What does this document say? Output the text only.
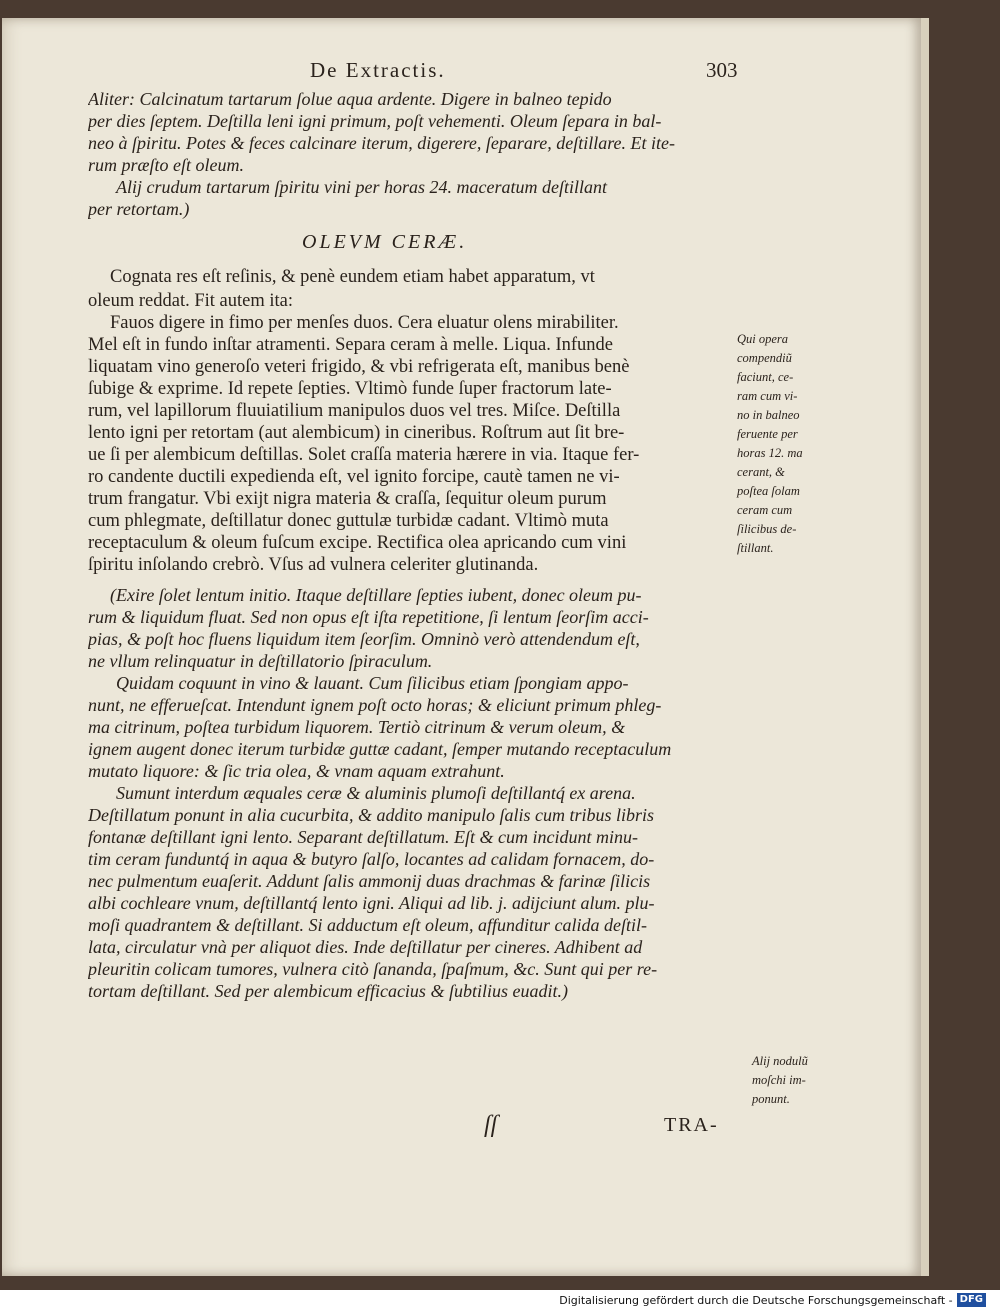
De Extractis.	303
Aliter: Calcinatum tartarum ſolue aqua ardente. Digere in balneo tepido
per dies ſeptem. Deſtilla leni igni primum, poſt vehementi. Oleum ſepara in bal-
neo à ſpiritu. Potes & feces calcinare iterum, digerere, ſeparare, deſtillare. Et ite-
rum præſto eſt oleum.
Alij crudum tartarum ſpiritu vini per horas 24. maceratum deſtillant
per retortam.)
OLEVM CERÆ.
Cognata res eſt reſinis, & penè eundem etiam habet apparatum, vt
oleum reddat. Fit autem ita:
Fauos digere in fimo per menſes duos. Cera eluatur olens mirabiliter.
Mel eſt in fundo inſtar atramenti. Separa ceram à melle. Liqua. Infunde
liquatam vino generoſo veteri frigido, & vbi refrigerata eſt, manibus benè
ſubige & exprime. Id repete ſepties. Vltimò funde ſuper fractorum late-
rum, vel lapillorum fluuiatilium manipulos duos vel tres. Miſce. Deſtilla
lento igni per retortam (aut alembicum) in cineribus. Roſtrum aut ſit bre-
ue ſi per alembicum deſtillas. Solet craſſa materia hærere in via. Itaque fer-
ro candente ductili expedienda eſt, vel ignito forcipe, cautè tamen ne vi-
trum frangatur. Vbi exijt nigra materia & craſſa, ſequitur oleum purum
cum phlegmate, deſtillatur donec guttulæ turbidæ cadant. Vltimò muta
receptaculum & oleum fuſcum excipe. Rectifica olea apricando cum vini
ſpiritu inſolando crebrò. Vſus ad vulnera celeriter glutinanda.
(Exire ſolet lentum initio. Itaque deſtillare ſepties iubent, donec oleum pu-
rum & liquidum fluat. Sed non opus eſt iſta repetitione, ſi lentum ſeorſim acci-
pias, & poſt hoc fluens liquidum item ſeorſim. Omninò verò attendendum eſt,
ne vllum relinquatur in deſtillatorio ſpiraculum.
Quidam coquunt in vino & lauant. Cum ſilicibus etiam ſpongiam appo-
nunt, ne efferueſcat. Intendunt ignem poſt octo horas; & eliciunt primum phleg-
ma citrinum, poſtea turbidum liquorem. Tertiò citrinum & verum oleum, &
ignem augent donec iterum turbidæ guttæ cadant, ſemper mutando receptaculum
mutato liquore: & ſic tria olea, & vnam aquam extrahunt.
Sumunt interdum æquales ceræ & aluminis plumoſi deſtillantq́ ex arena.
Deſtillatum ponunt in alia cucurbita, & addito manipulo ſalis cum tribus libris
fontanæ deſtillant igni lento. Separant deſtillatum. Eſt & cum incidunt minu-
tim ceram funduntq́ in aqua & butyro ſalſo, locantes ad calidam fornacem, do-
nec pulmentum euaſerit. Addunt ſalis ammonij duas drachmas & farinæ ſilicis
albi cochleare vnum, deſtillantq́ lento igni. Aliqui ad lib. j. adijciunt alum. plu-
moſi quadrantem & deſtillant. Si adductum eſt oleum, affunditur calida deſtil-
lata, circulatur vnà per aliquot dies. Inde deſtillatur per cineres. Adhibent ad
pleuritin colicam tumores, vulnera citò ſananda, ſpaſmum, &c. Sunt qui per re-
tortam deſtillant. Sed per alembicum efficacius & ſubtilius euadit.)
Qui opera
compendiũ
faciunt, ce-
ram cum vi-
no in balneo
feruente per
horas 12. ma
cerant, &
poſtea ſolam
ceram cum
ſilicibus de-
ſtillant.
Alij nodulũ
moſchi im-
ponunt.
ſſ	TRA-
Digitalisierung gefördert durch die Deutsche Forschungsgemeinschaft - DFG
